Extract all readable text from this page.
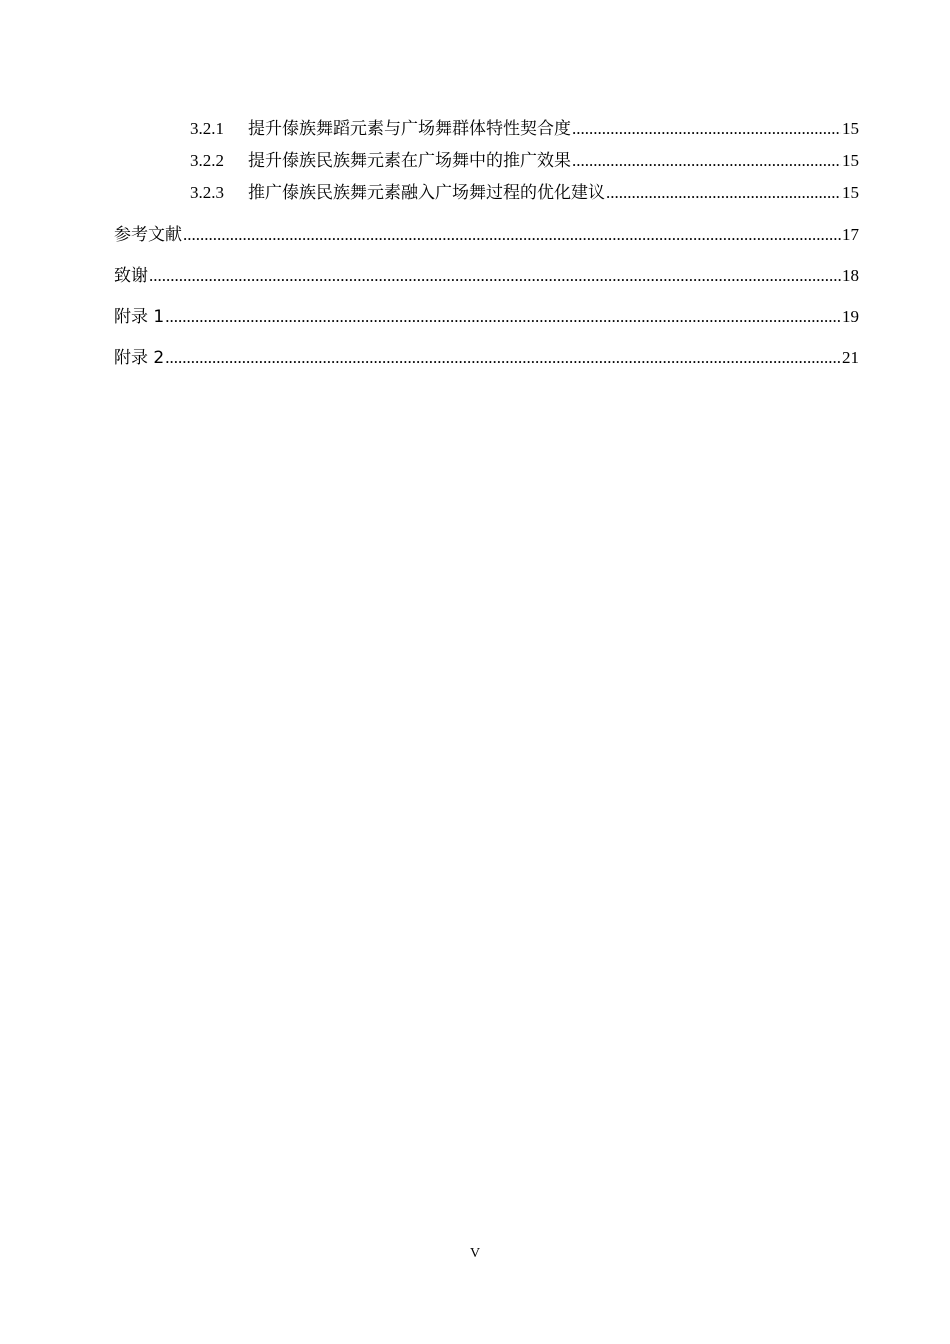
3.2.1	提升傣族舞蹈元素与广场舞群体特性契合度 .....	15
3.2.2	提升傣族民族舞元素在广场舞中的推广效果 .....	15
3.2.3	推广傣族民族舞元素融入广场舞过程的优化建议 .....	15
参考文献 .....	17
致谢 .....	18
附录 1 .....	19
附录 2 .....	21
V
